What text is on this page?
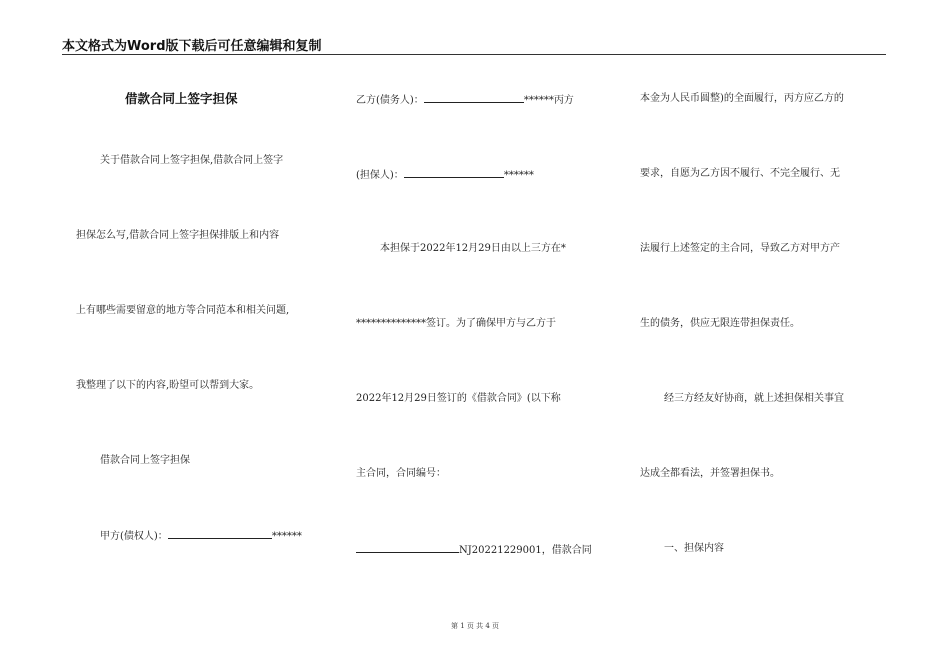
本文格式为Word版下载后可任意编辑和复制
借款合同上签字担保
关于借款合同上签字担保,借款合同上签字
担保怎么写,借款合同上签字担保排版上和内容
上有哪些需要留意的地方等合同范本和相关问题,
我整理了以下的内容,盼望可以帮到大家。
借款合同上签字担保
甲方(债权人)：	******
乙方(债务人)：	******丙方
(担保人)：	******
本担保于2022年12月29日由以上三方在*
**************签订。为了确保甲方与乙方于
2022年12月29日签订的《借款合同》(以下称
主合同，合同编号：
NJ20221229001，借款合同
本金为人民币圆整)的全面履行，丙方应乙方的
要求，自愿为乙方因不履行、不完全履行、无
法履行上述签定的主合同，导致乙方对甲方产
生的债务，供应无限连带担保责任。
经三方经友好协商，就上述担保相关事宜
达成全都看法，并签署担保书。
一、担保内容
第 1 页 共 4 页
